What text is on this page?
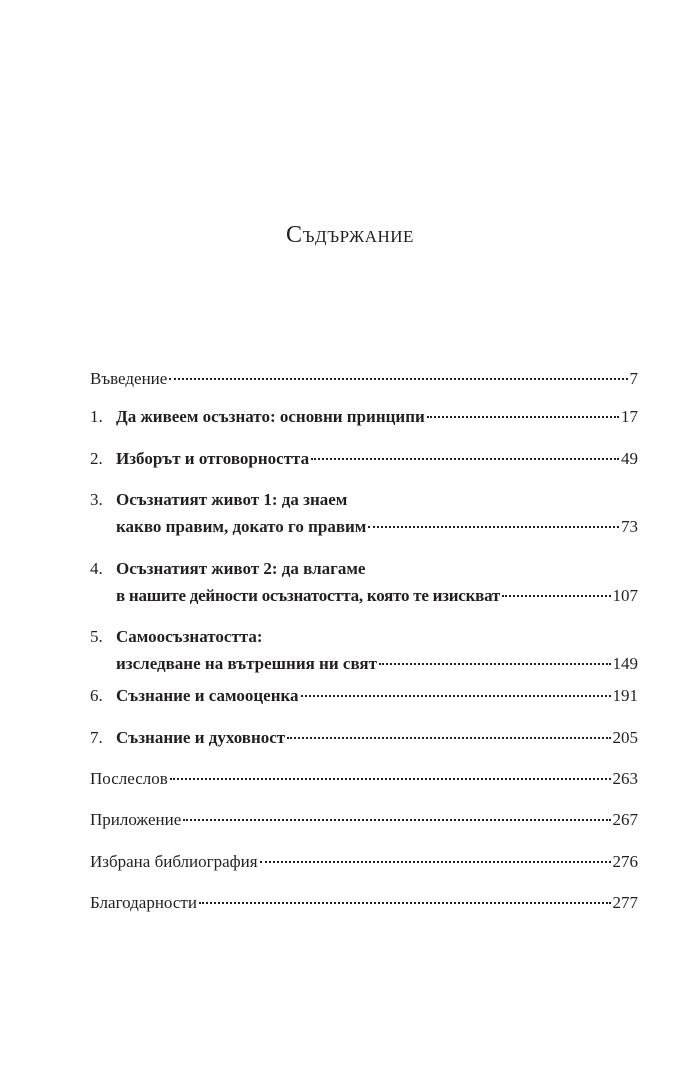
Съдържание
Въведение	7
1. Да живеем осъзнато: основни принципи	17
2. Изборът и отговорността	49
3. Осъзнатият живот 1: да знаем
какво правим, докато го правим	73
4. Осъзнатият живот 2: да влагаме
в нашите дейности осъзнатостта, която те изискват	107
5. Самоосъзнатостта:
изследване на вътрешния ни свят	149
6. Съзнание и самооценка	191
7. Съзнание и духовност	205
Послеслов	263
Приложение	267
Избрана библиография	276
Благодарности	277
